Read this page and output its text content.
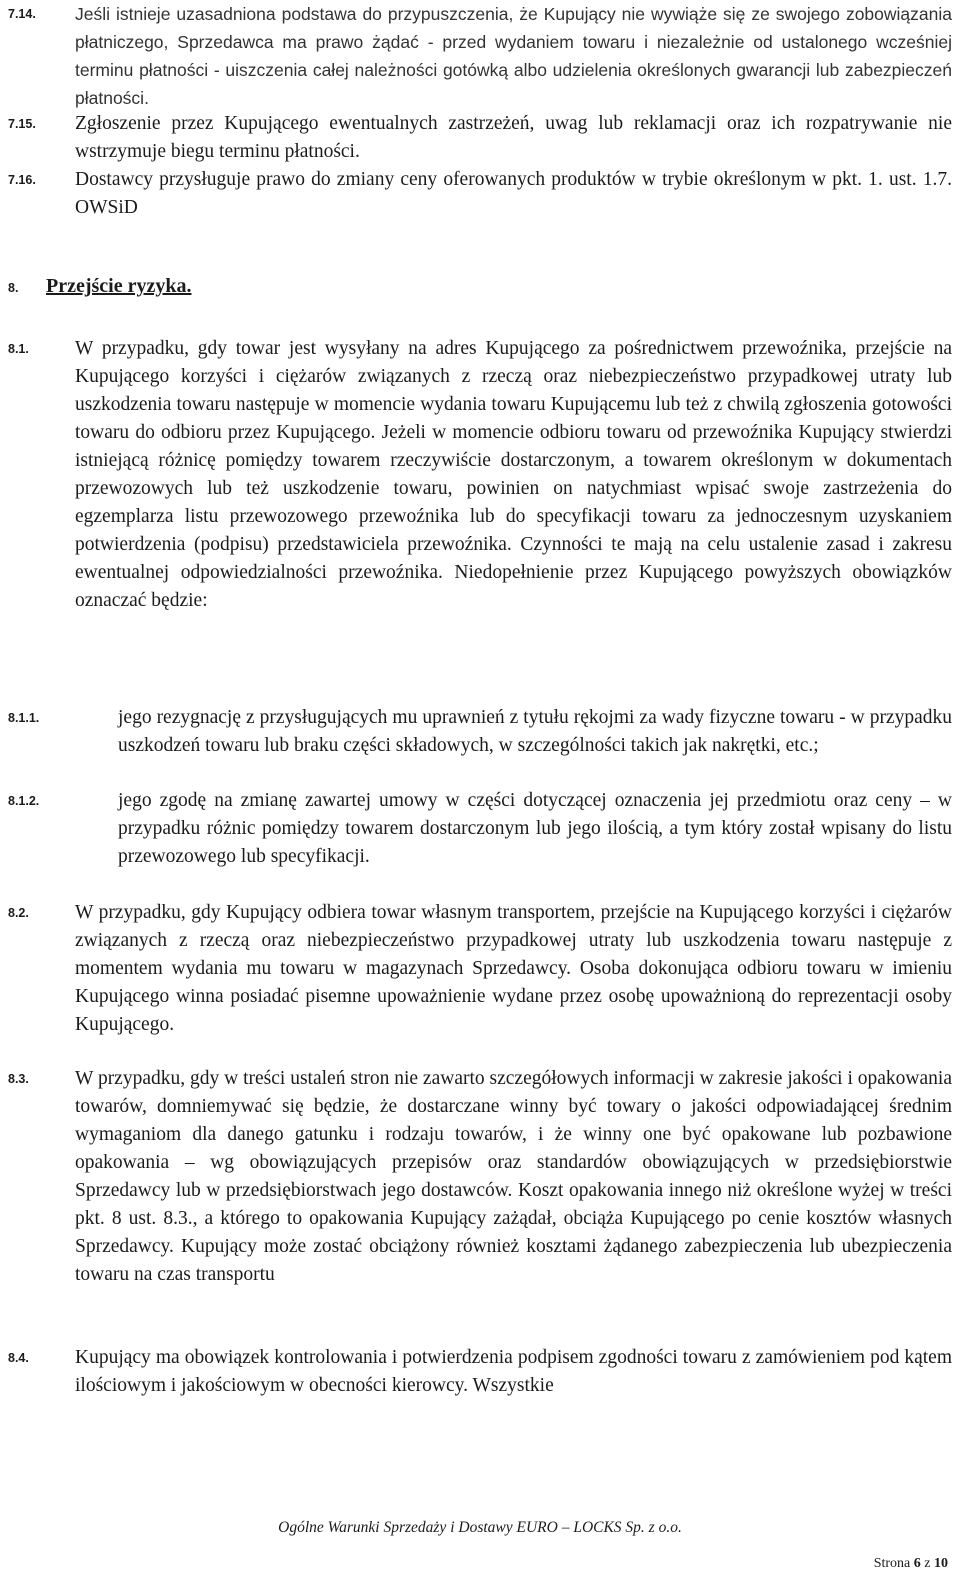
7.14.	Jeśli istnieje uzasadniona podstawa do przypuszczenia, że Kupujący nie wywiąże się ze swojego zobowiązania płatniczego, Sprzedawca ma prawo żądać - przed wydaniem towaru i niezależnie od ustalonego wcześniej terminu płatności - uiszczenia całej należności gotówką albo udzielenia określonych gwarancji lub zabezpieczeń płatności.
7.15.	Zgłoszenie przez Kupującego ewentualnych zastrzeżeń, uwag lub reklamacji oraz ich rozpatrywanie nie wstrzymuje biegu terminu płatności.
7.16.	Dostawcy przysługuje prawo do zmiany ceny oferowanych produktów w trybie określonym w pkt. 1. ust. 1.7. OWSiD
8.	Przejście ryzyka.
8.1.	W przypadku, gdy towar jest wysyłany na adres Kupującego za pośrednictwem przewoźnika, przejście na Kupującego korzyści i ciężarów związanych z rzeczą oraz niebezpieczeństwo przypadkowej utraty lub uszkodzenia towaru następuje w momencie wydania towaru Kupującemu lub też z chwilą zgłoszenia gotowości towaru do odbioru przez Kupującego. Jeżeli w momencie odbioru towaru od przewoźnika Kupujący stwierdzi istniejącą różnicę pomiędzy towarem rzeczywiście dostarczonym, a towarem określonym w dokumentach przewozowych lub też uszkodzenie towaru, powinien on natychmiast wpisać swoje zastrzeżenia do egzemplarza listu przewozowego przewoźnika lub do specyfikacji towaru za jednoczesnym uzyskaniem potwierdzenia (podpisu) przedstawiciela przewoźnika. Czynności te mają na celu ustalenie zasad i zakresu ewentualnej odpowiedzialności przewoźnika. Niedopełnienie przez Kupującego powyższych obowiązków oznaczać będzie:
8.1.1.	jego rezygnację z przysługujących mu uprawnień z tytułu rękojmi za wady fizyczne towaru - w przypadku uszkodzeń towaru lub braku części składowych, w szczególności takich jak nakrętki, etc.;
8.1.2.	jego zgodę na zmianę zawartej umowy w części dotyczącej oznaczenia jej przedmiotu oraz ceny – w przypadku różnic pomiędzy towarem dostarczonym lub jego ilością, a tym który został wpisany do listu przewozowego lub specyfikacji.
8.2.	W przypadku, gdy Kupujący odbiera towar własnym transportem, przejście na Kupującego korzyści i ciężarów związanych z rzeczą oraz niebezpieczeństwo przypadkowej utraty lub uszkodzenia towaru następuje z momentem wydania mu towaru w magazynach Sprzedawcy. Osoba dokonująca odbioru towaru w imieniu Kupującego winna posiadać pisemne upoważnienie wydane przez osobę upoważnioną do reprezentacji osoby Kupującego.
8.3.	W przypadku, gdy w treści ustaleń stron nie zawarto szczegółowych informacji w zakresie jakości i opakowania towarów, domniemywać się będzie, że dostarczane winny być towary o jakości odpowiadającej średnim wymaganiom dla danego gatunku i rodzaju towarów, i że winny one być opakowane lub pozbawione opakowania – wg obowiązujących przepisów oraz standardów obowiązujących w przedsiębiorstwie Sprzedawcy lub w przedsiębiorstwach jego dostawców. Koszt opakowania innego niż określone wyżej w treści pkt. 8 ust. 8.3., a którego to opakowania Kupujący zażądał, obciąża Kupującego po cenie kosztów własnych Sprzedawcy. Kupujący może zostać obciążony również kosztami żądanego zabezpieczenia lub ubezpieczenia towaru na czas transportu
8.4.	Kupujący ma obowiązek kontrolowania i potwierdzenia podpisem zgodności towaru z zamówieniem pod kątem ilościowym i jakościowym w obecności kierowcy. Wszystkie
Ogólne Warunki Sprzedaży i Dostawy EURO – LOCKS Sp. z o.o.
Strona 6 z 10
